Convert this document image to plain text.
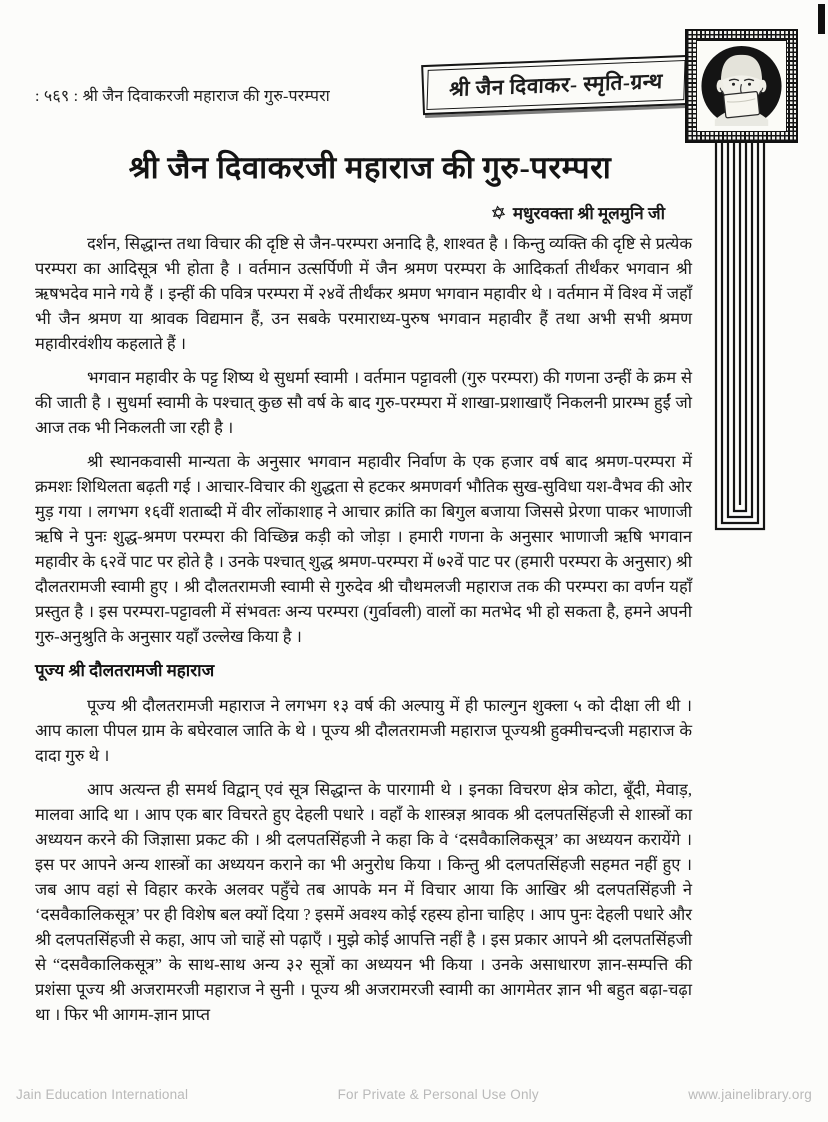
: ५६९ : श्री जैन दिवाकरजी महाराज की गुरु-परम्परा	श्री जैन दिवाकर- स्मृति-ग्रन्थ
श्री जैन दिवाकरजी महाराज की गुरु-परम्परा
मधुरवक्ता श्री मूलमुनि जी

दर्शन, सिद्धान्त तथा विचार की दृष्टि से जैन-परम्परा अनादि है, शाश्वत है । किन्तु व्यक्ति की दृष्टि से प्रत्येक परम्परा का आदिसूत्र भी होता है । वर्तमान उत्सर्पिणी में जैन श्रमण परम्परा के आदिकर्ता तीर्थंकर भगवान श्री ऋषभदेव माने गये हैं । इन्हीं की पवित्र परम्परा में २४वें तीर्थंकर श्रमण भगवान महावीर थे । वर्तमान में विश्व में जहाँ भी जैन श्रमण या श्रावक विद्यमान हैं, उन सबके परमाराध्य-पुरुष भगवान महावीर हैं तथा अभी सभी श्रमण महावीरवंशीय कहलाते हैं ।

भगवान महावीर के पट्ट शिष्य थे सुधर्मा स्वामी । वर्तमान पट्टावली (गुरु परम्परा) की गणना उन्हीं के क्रम से की जाती है । सुधर्मा स्वामी के पश्चात् कुछ सौ वर्ष के बाद गुरु-परम्परा में शाखा-प्रशाखाएँ निकलनी प्रारम्भ हुईं जो आज तक भी निकलती जा रही है ।

श्री स्थानकवासी मान्यता के अनुसार भगवान महावीर निर्वाण के एक हजार वर्ष बाद श्रमण-परम्परा में क्रमशः शिथिलता बढ़ती गई । आचार-विचार की शुद्धता से हटकर श्रमणवर्ग भौतिक सुख-सुविधा यश-वैभव की ओर मुड़ गया । लगभग १६वीं शताब्दी में वीर लोंकाशाह ने आचार क्रांति का बिगुल बजाया जिससे प्रेरणा पाकर भाणाजी ऋषि ने पुनः शुद्ध-श्रमण परम्परा की विच्छिन्न कड़ी को जोड़ा । हमारी गणना के अनुसार भाणाजी ऋषि भगवान महावीर के ६२वें पाट पर होते है । उनके पश्चात् शुद्ध श्रमण-परम्परा में ७२वें पाट पर (हमारी परम्परा के अनुसार) श्री दौलतरामजी स्वामी हुए । श्री दौलतरामजी स्वामी से गुरुदेव श्री चौथमलजी महाराज तक की परम्परा का वर्णन यहाँ प्रस्तुत है । इस परम्परा-पट्टावली में संभवतः अन्य परम्परा (गुर्वावली) वालों का मतभेद भी हो सकता है, हमने अपनी गुरु-अनुश्रुति के अनुसार यहाँ उल्लेख किया है ।

पूज्य श्री दौलतरामजी महाराज

पूज्य श्री दौलतरामजी महाराज ने लगभग १३ वर्ष की अल्पायु में ही फाल्गुन शुक्ला ५ को दीक्षा ली थी । आप काला पीपल ग्राम के बघेरवाल जाति के थे । पूज्य श्री दौलतरामजी महाराज पूज्यश्री हुक्मीचन्दजी महाराज के दादा गुरु थे ।

आप अत्यन्त ही समर्थ विद्वान् एवं सूत्र सिद्धान्त के पारगामी थे । इनका विचरण क्षेत्र कोटा, बूँदी, मेवाड़, मालवा आदि था । आप एक बार विचरते हुए देहली पधारे । वहाँ के शास्त्रज्ञ श्रावक श्री दलपतसिंहजी से शास्त्रों का अध्ययन करने की जिज्ञासा प्रकट की । श्री दलपतसिंहजी ने कहा कि वे ‘दसवैकालिकसूत्र’ का अध्ययन करायेंगे । इस पर आपने अन्य शास्त्रों का अध्ययन कराने का भी अनुरोध किया । किन्तु श्री दलपतसिंहजी सहमत नहीं हुए । जब आप वहां से विहार करके अलवर पहुँचे तब आपके मन में विचार आया कि आखिर श्री दलपतसिंहजी ने ‘दसवैकालिकसूत्र’ पर ही विशेष बल क्यों दिया ? इसमें अवश्य कोई रहस्य होना चाहिए । आप पुनः देहली पधारे और श्री दलपतसिंहजी से कहा, आप जो चाहें सो पढ़ाएँ । मुझे कोई आपत्ति नहीं है । इस प्रकार आपने श्री दलपतसिंहजी से “दसवैकालिकसूत्र” के साथ-साथ अन्य ३२ सूत्रों का अध्ययन भी किया । उनके असाधारण ज्ञान-सम्पत्ति की प्रशंसा पूज्य श्री अजरामरजी महाराज ने सुनी । पूज्य श्री अजरामरजी स्वामी का आगमेतर ज्ञान भी बहुत बढ़ा-चढ़ा था । फिर भी आगम-ज्ञान प्राप्त

Jain Education International	For Private & Personal Use Only	www.jainelibrary.org
